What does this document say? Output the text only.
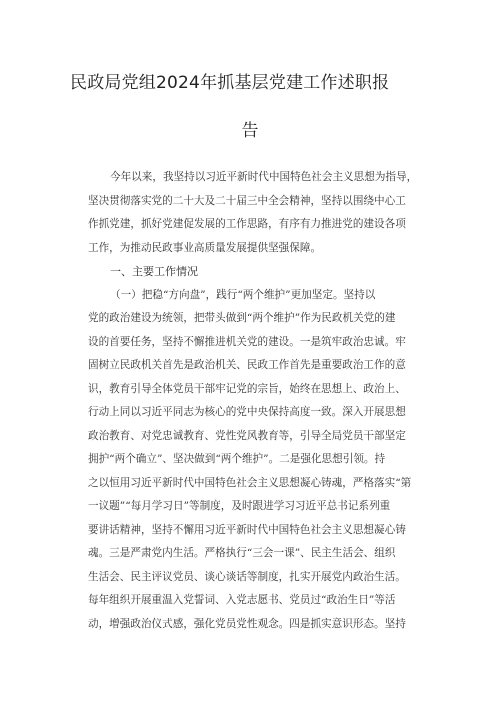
民政局党组2024年抓基层党建工作述职报
告
今年以来，我坚持以习近平新时代中国特色社会主义思想为指导，
坚决贯彻落实党的二十大及二十届三中全会精神，坚持以围绕中心工
作抓党建，抓好党建促发展的工作思路，有序有力推进党的建设各项
工作，为推动民政事业高质量发展提供坚强保障。
一、主要工作情况
（一）把稳“方向盘”，践行“两个维护”更加坚定。坚持以
党的政治建设为统领，把带头做到“两个维护”作为民政机关党的建
设的首要任务，坚持不懈推进机关党的建设。一是筑牢政治忠诚。牢
固树立民政机关首先是政治机关、民政工作首先是重要政治工作的意
识，教育引导全体党员干部牢记党的宗旨，始终在思想上、政治上、
行动上同以习近平同志为核心的党中央保持高度一致。深入开展思想
政治教育、对党忠诚教育、党性党风教育等，引导全局党员干部坚定
拥护“两个确立”、坚决做到“两个维护”。二是强化思想引领。持
之以恒用习近平新时代中国特色社会主义思想凝心铸魂，严格落实“第
一议题”“每月学习日”等制度，及时跟进学习习近平总书记系列重
要讲话精神，坚持不懈用习近平新时代中国特色社会主义思想凝心铸
魂。三是严肃党内生活。严格执行“三会一课”、民主生活会、组织
生活会、民主评议党员、谈心谈话等制度，扎实开展党内政治生活。
每年组织开展重温入党誓词、入党志愿书、党员过“政治生日”等活
动，增强政治仪式感，强化党员党性观念。四是抓实意识形态。坚持
